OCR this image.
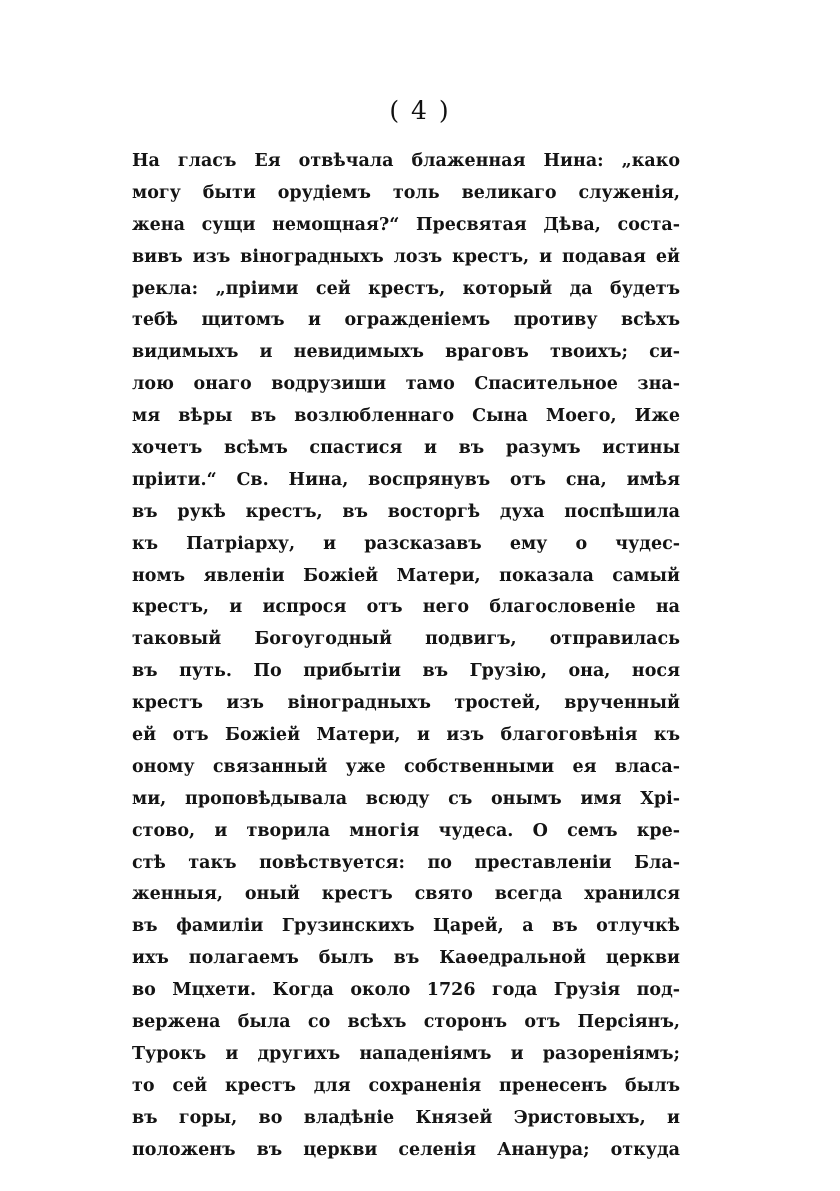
( 4 )
На гласъ Ея отвѣчала блаженная Нина: „како
могу быти орудіемъ толь великаго служенія,
жена сущи немощная?“ Пресвятая Дѣва, соста-
вивъ изъ віноградныхъ лозъ крестъ, и подавая ей
рекла: „пріими сей крестъ, который да будетъ
тебѣ щитомъ и огражденіемъ противу всѣхъ
видимыхъ и невидимыхъ враговъ твоихъ; си-
лою онаго водрузиши тамо Спасительное зна-
мя вѣры въ возлюбленнаго Сына Моего, Иже
хочетъ всѣмъ спастися и въ разумъ истины
пріити.“ Св. Нина, воспрянувъ отъ сна, имѣя
въ рукѣ крестъ, въ восторгѣ духа поспѣшила
къ Патріарху, и разсказавъ ему о чудес-
номъ явленіи Божіей Матери, показала самый
крестъ, и испрося отъ него благословеніе на
таковый Богоугодный подвигъ, отправилась
въ путь. По прибытіи въ Грузію, она, нося
крестъ изъ віноградныхъ тростей, врученный
ей отъ Божіей Матери, и изъ благоговѣнія къ
оному связанный уже собственными ея власа-
ми, проповѣдывала всюду съ онымъ имя Хрі-
стово, и творила многія чудеса. О семъ кре-
стѣ такъ повѣствуется: по преставленіи Бла-
женныя, оный крестъ свято всегда хранился
въ фамиліи Грузинскихъ Царей, а въ отлучкѣ
ихъ полагаемъ былъ въ Каѳедральной церкви
во Мцхети. Когда около 1726 года Грузія под-
вержена была со всѣхъ сторонъ отъ Персіянъ,
Турокъ и другихъ нападеніямъ и разореніямъ;
то сей крестъ для сохраненія пренесенъ былъ
въ горы, во владѣніе Князей Эристовыхъ, и
положенъ въ церкви селенія Ананура; откуда
